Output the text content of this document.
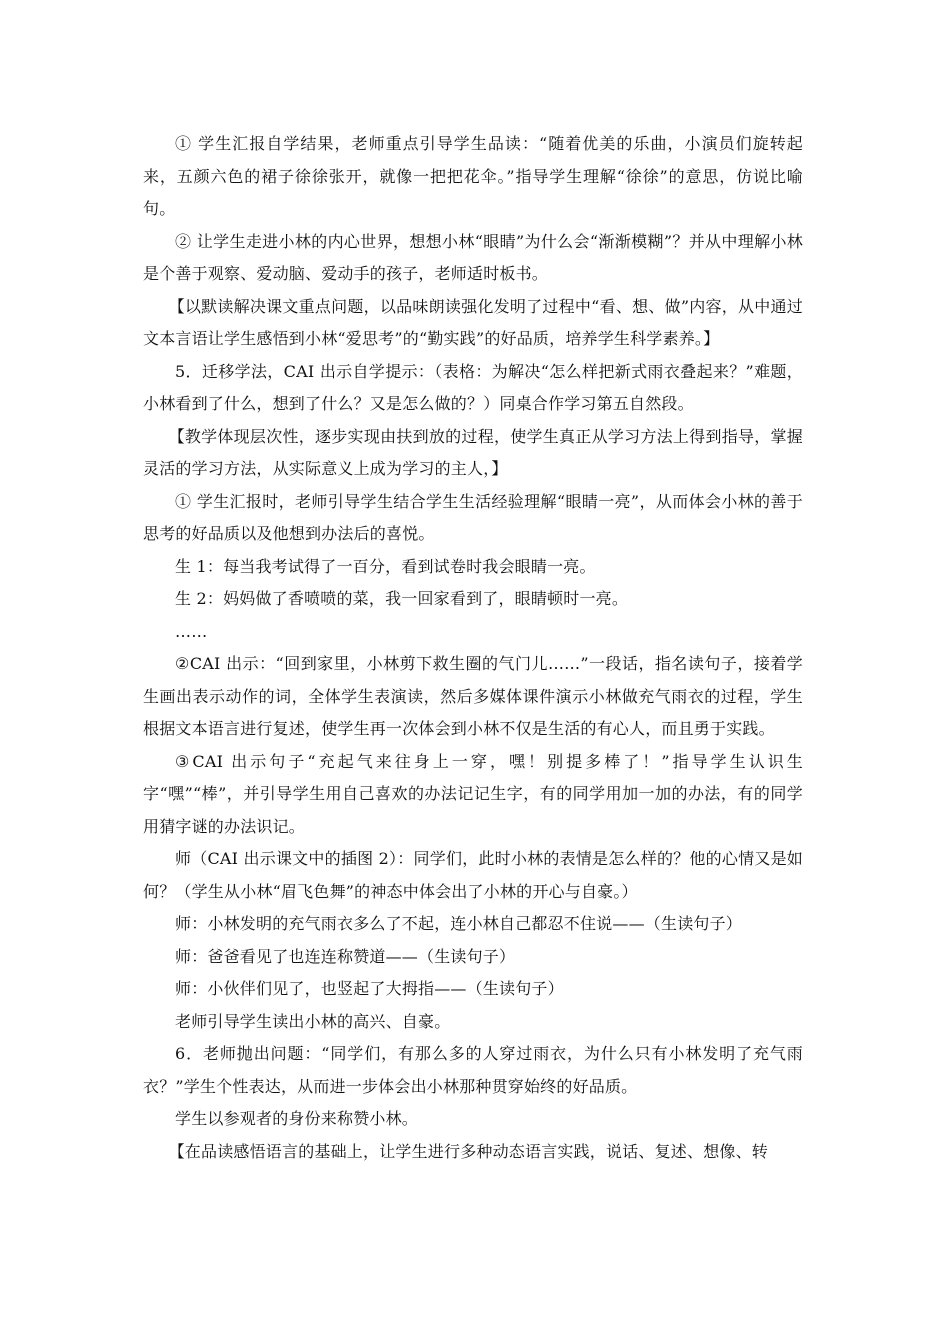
① 学生汇报自学结果，老师重点引导学生品读：“随着优美的乐曲，小演员们旋转起来，五颜六色的裙子徐徐张开，就像一把把花伞。”指导学生理解“徐徐”的意思，仿说比喻句。

② 让学生走进小林的内心世界，想想小林“眼睛”为什么会“渐渐模糊”？并从中理解小林是个善于观察、爱动脑、爱动手的孩子，老师适时板书。

【以默读解决课文重点问题，以品味朗读强化发明了过程中“看、想、做”内容，从中通过文本言语让学生感悟到小林“爱思考”的“勤实践”的好品质，培养学生科学素养。】

5．迁移学法，CAI 出示自学提示：（表格：为解决“怎么样把新式雨衣叠起来？”难题，小林看到了什么，想到了什么？又是怎么做的？）同桌合作学习第五自然段。

【教学体现层次性，逐步实现由扶到放的过程，使学生真正从学习方法上得到指导，掌握灵活的学习方法，从实际意义上成为学习的主人，】

① 学生汇报时，老师引导学生结合学生生活经验理解“眼睛一亮”，从而体会小林的善于思考的好品质以及他想到办法后的喜悦。

生 1：每当我考试得了一百分，看到试卷时我会眼睛一亮。

生 2：妈妈做了香喷喷的菜，我一回家看到了，眼睛顿时一亮。

……

②CAI 出示：“回到家里，小林剪下救生圈的气门儿……”一段话，指名读句子，接着学生画出表示动作的词，全体学生表演读，然后多媒体课件演示小林做充气雨衣的过程，学生根据文本语言进行复述，使学生再一次体会到小林不仅是生活的有心人，而且勇于实践。

③CAI 出示句子“充起气来往身上一穿，嘿！别提多棒了！”指导学生认识生字“嘿”“棒”，并引导学生用自己喜欢的办法记记生字，有的同学用加一加的办法，有的同学用猜字谜的办法识记。

师（CAI 出示课文中的插图 2）：同学们，此时小林的表情是怎么样的？他的心情又是如何？（学生从小林“眉飞色舞”的神态中体会出了小林的开心与自豪。）

师：小林发明的充气雨衣多么了不起，连小林自己都忍不住说——（生读句子）

师：爸爸看见了也连连称赞道——（生读句子）

师：小伙伴们见了，也竖起了大拇指——（生读句子）

老师引导学生读出小林的高兴、自豪。

6．老师抛出问题：“同学们，有那么多的人穿过雨衣，为什么只有小林发明了充气雨衣？”学生个性表达，从而进一步体会出小林那种贯穿始终的好品质。

学生以参观者的身份来称赞小林。

【在品读感悟语言的基础上，让学生进行多种动态语言实践，说话、复述、想像、转
